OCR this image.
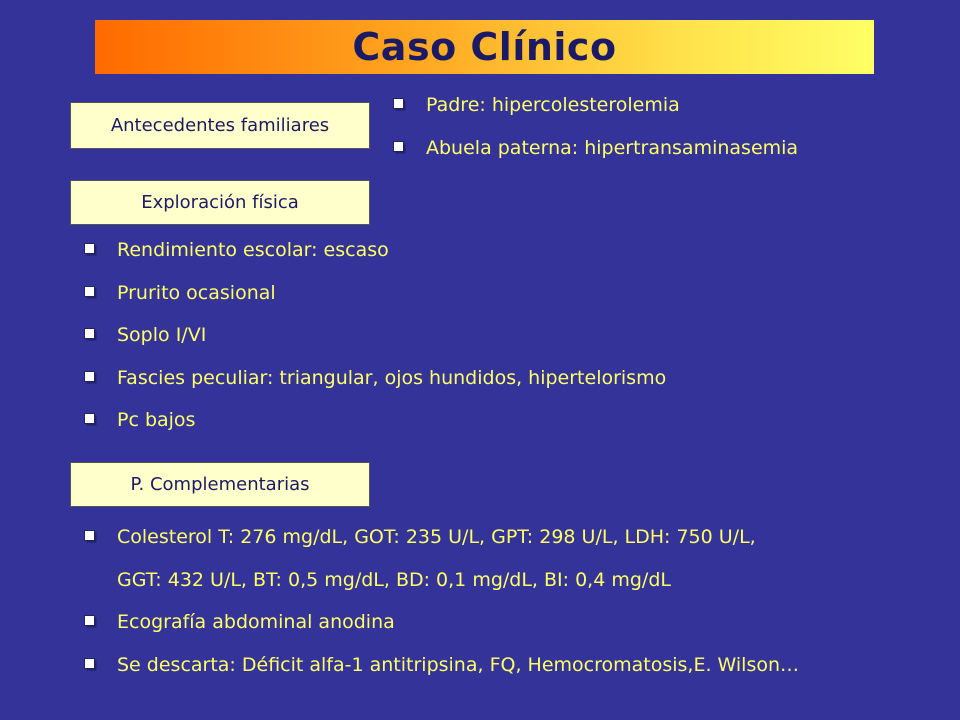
Caso Clínico
Antecedentes familiares
Padre: hipercolesterolemia
Abuela paterna: hipertransaminasemia
Exploración física
Rendimiento escolar: escaso
Prurito ocasional
Soplo I/VI
Fascies peculiar: triangular, ojos hundidos, hipertelorismo
Pc bajos
P. Complementarias
Colesterol T: 276 mg/dL, GOT: 235 U/L, GPT: 298 U/L, LDH: 750 U/L,
GGT: 432 U/L, BT: 0,5 mg/dL, BD: 0,1 mg/dL, BI: 0,4 mg/dL
Ecografía abdominal anodina
Se descarta: Déficit alfa-1 antitripsina, FQ, Hemocromatosis,E. Wilson…
